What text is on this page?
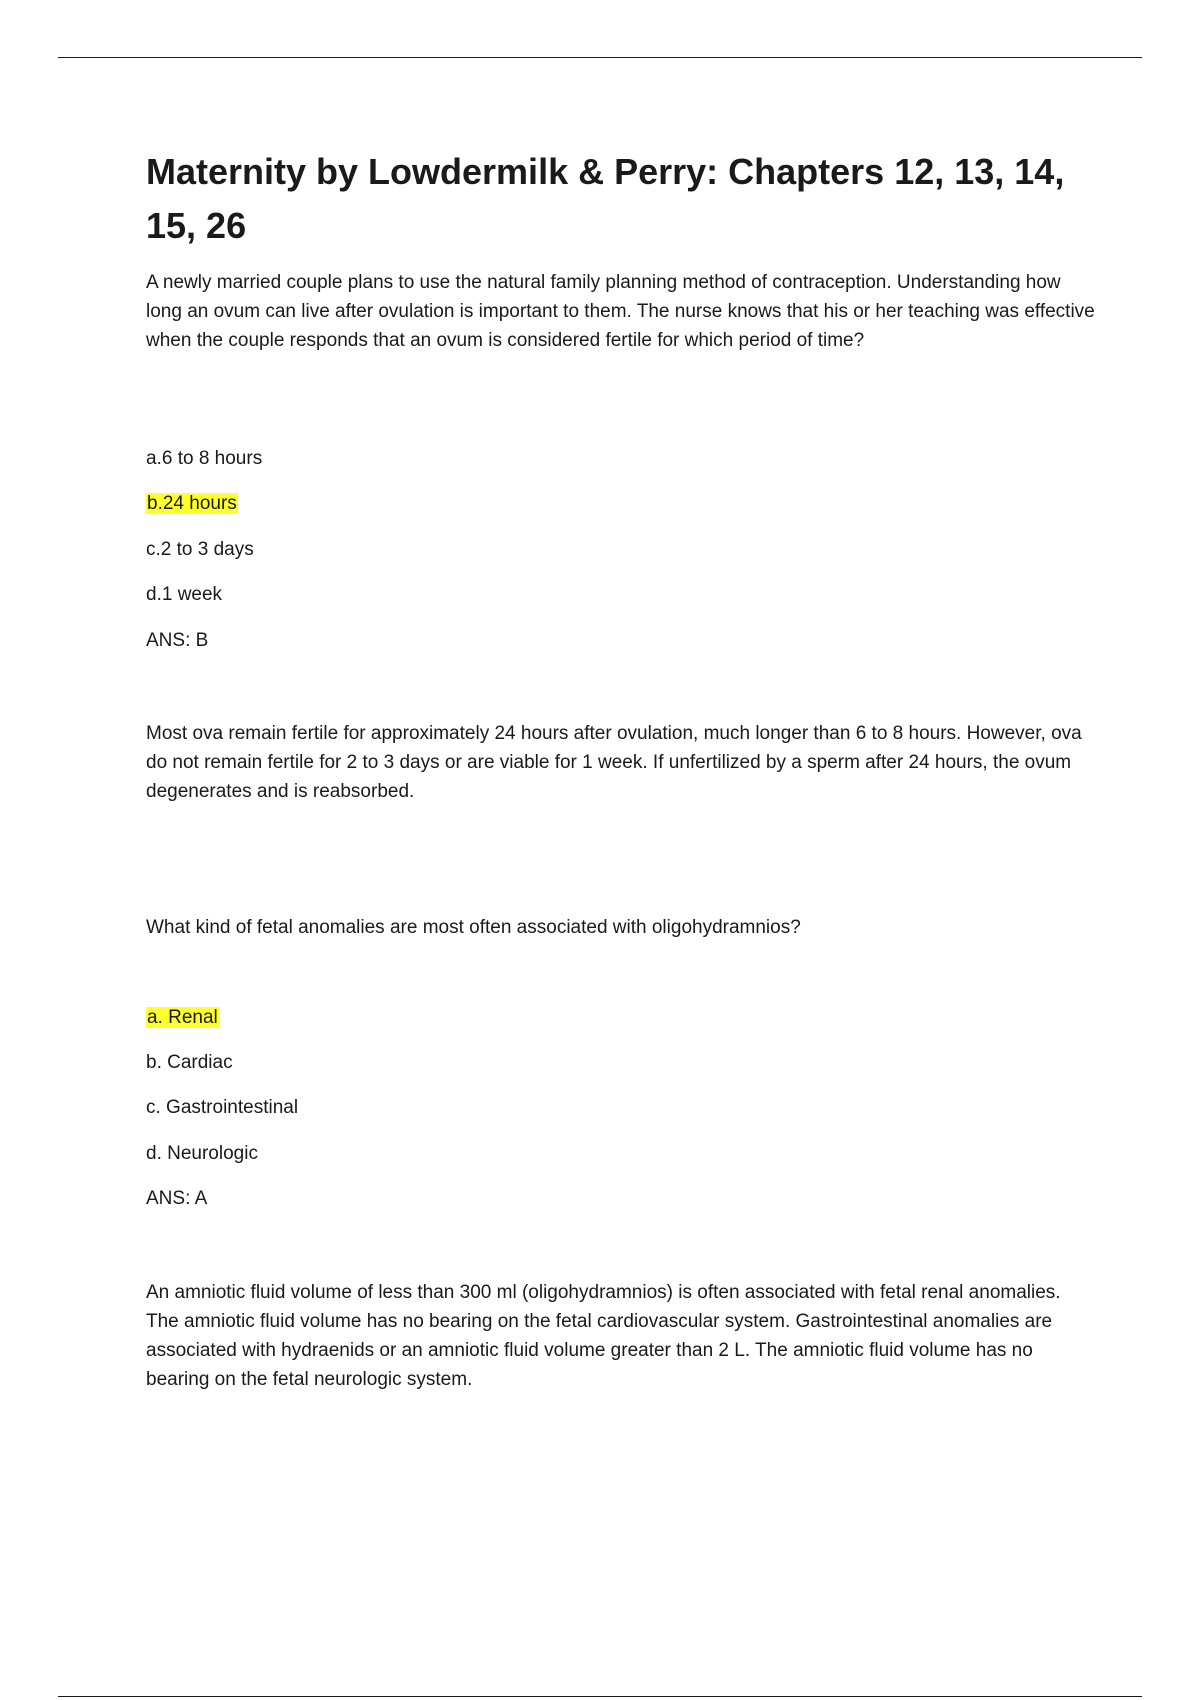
Maternity by Lowdermilk & Perry: Chapters 12, 13, 14, 15, 26

A newly married couple plans to use the natural family planning method of contraception. Understanding how long an ovum can live after ovulation is important to them. The nurse knows that his or her teaching was effective when the couple responds that an ovum is considered fertile for which period of time?

a.6 to 8 hours

b.24 hours

c.2 to 3 days

d.1 week

ANS: B

Most ova remain fertile for approximately 24 hours after ovulation, much longer than 6 to 8 hours. However, ova do not remain fertile for 2 to 3 days or are viable for 1 week. If unfertilized by a sperm after 24 hours, the ovum degenerates and is reabsorbed.

What kind of fetal anomalies are most often associated with oligohydramnios?

a. Renal

b. Cardiac

c. Gastrointestinal

d. Neurologic

ANS: A

An amniotic fluid volume of less than 300 ml (oligohydramnios) is often associated with fetal renal anomalies. The amniotic fluid volume has no bearing on the fetal cardiovascular system. Gastrointestinal anomalies are associated with hydraenids or an amniotic fluid volume greater than 2 L. The amniotic fluid volume has no bearing on the fetal neurologic system.
